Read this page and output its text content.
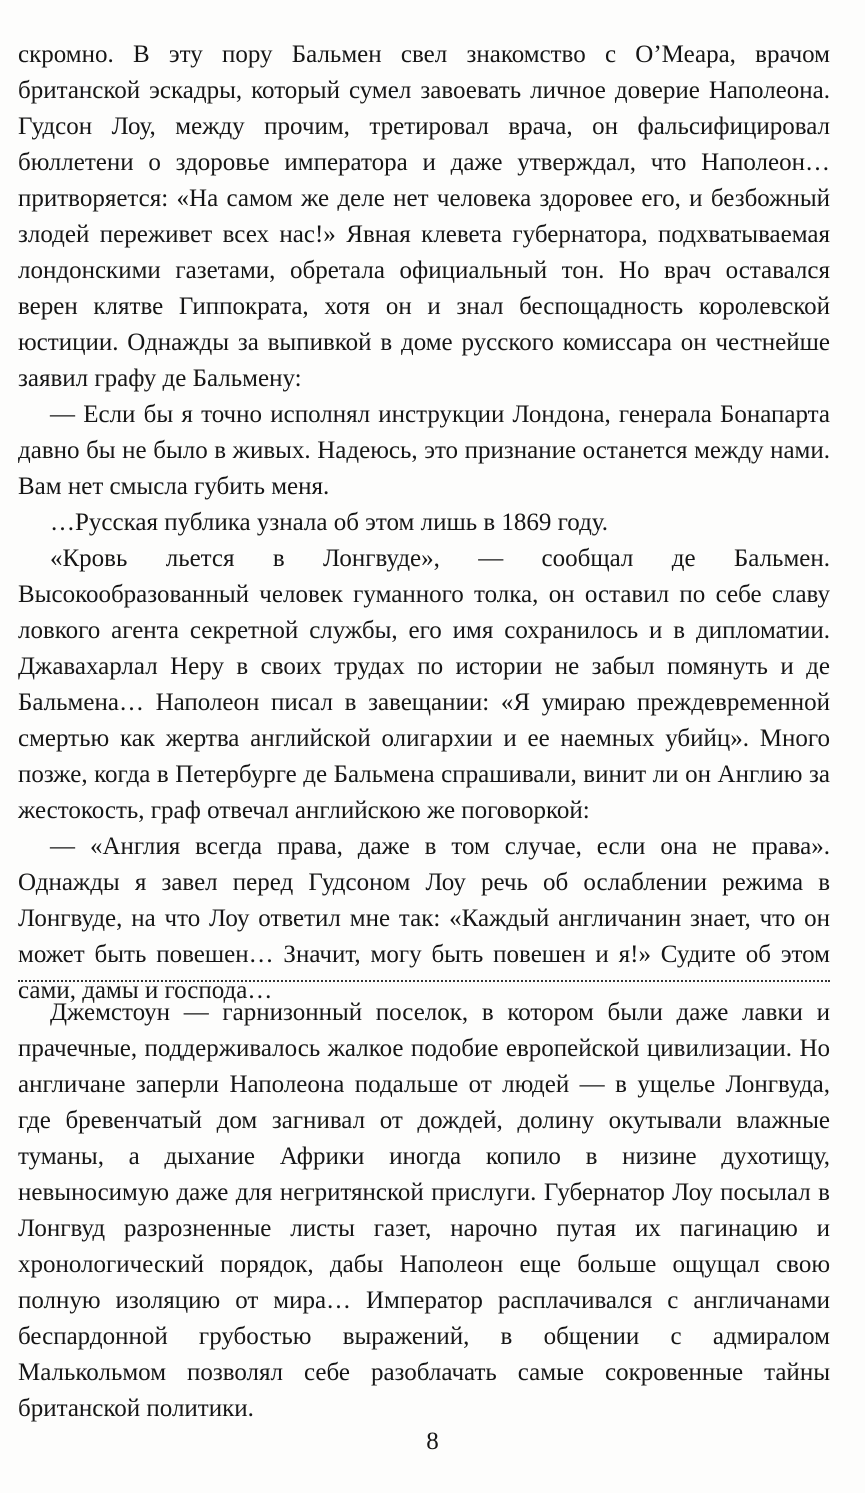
скромно. В эту пору Бальмен свел знакомство с О’Меара, врачом британской эскадры, который сумел завоевать личное доверие Наполеона. Гудсон Лоу, между прочим, третировал врача, он фальсифицировал бюллетени о здоровье императора и даже утверждал, что Наполеон… притворяется: «На самом же деле нет человека здоровее его, и безбожный злодей переживет всех нас!» Явная клевета губернатора, подхватываемая лондонскими газетами, обретала официальный тон. Но врач оставался верен клятве Гиппократа, хотя он и знал беспощадность королевской юстиции. Однажды за выпивкой в доме русского комиссара он честнейше заявил графу де Бальмену:

— Если бы я точно исполнял инструкции Лондона, генерала Бонапарта давно бы не было в живых. Надеюсь, это признание останется между нами. Вам нет смысла губить меня.

…Русская публика узнала об этом лишь в 1869 году.

«Кровь льется в Лонгвуде», — сообщал де Бальмен. Высокообразованный человек гуманного толка, он оставил по себе славу ловкого агента секретной службы, его имя сохранилось и в дипломатии. Джавахарлал Неру в своих трудах по истории не забыл помянуть и де Бальмена… Наполеон писал в завещании: «Я умираю преждевременной смертью как жертва английской олигархии и ее наемных убийц». Много позже, когда в Петербурге де Бальмена спрашивали, винит ли он Англию за жестокость, граф отвечал английскою же поговоркой:

— «Англия всегда права, даже в том случае, если она не права». Однажды я завел перед Гудсоном Лоу речь об ослаблении режима в Лонгвуде, на что Лоу ответил мне так: «Каждый англичанин знает, что он может быть повешен… Значит, могу быть повешен и я!» Судите об этом сами, дамы и господа…

Джемстоун — гарнизонный поселок, в котором были даже лавки и прачечные, поддерживалось жалкое подобие европейской цивилизации. Но англичане заперли Наполеона подальше от людей — в ущелье Лонгвуда, где бревенчатый дом загнивал от дождей, долину окутывали влажные туманы, а дыхание Африки иногда копило в низине духотищу, невыносимую даже для негритянской прислуги. Губернатор Лоу посылал в Лонгвуд разрозненные листы газет, нарочно путая их пагинацию и хронологический порядок, дабы Наполеон еще больше ощущал свою полную изоляцию от мира… Император расплачивался с англичанами беспардонной грубостью выражений, в общении с адмиралом Малькольмом позволял себе разоблачать самые сокровенные тайны британской политики.

8
